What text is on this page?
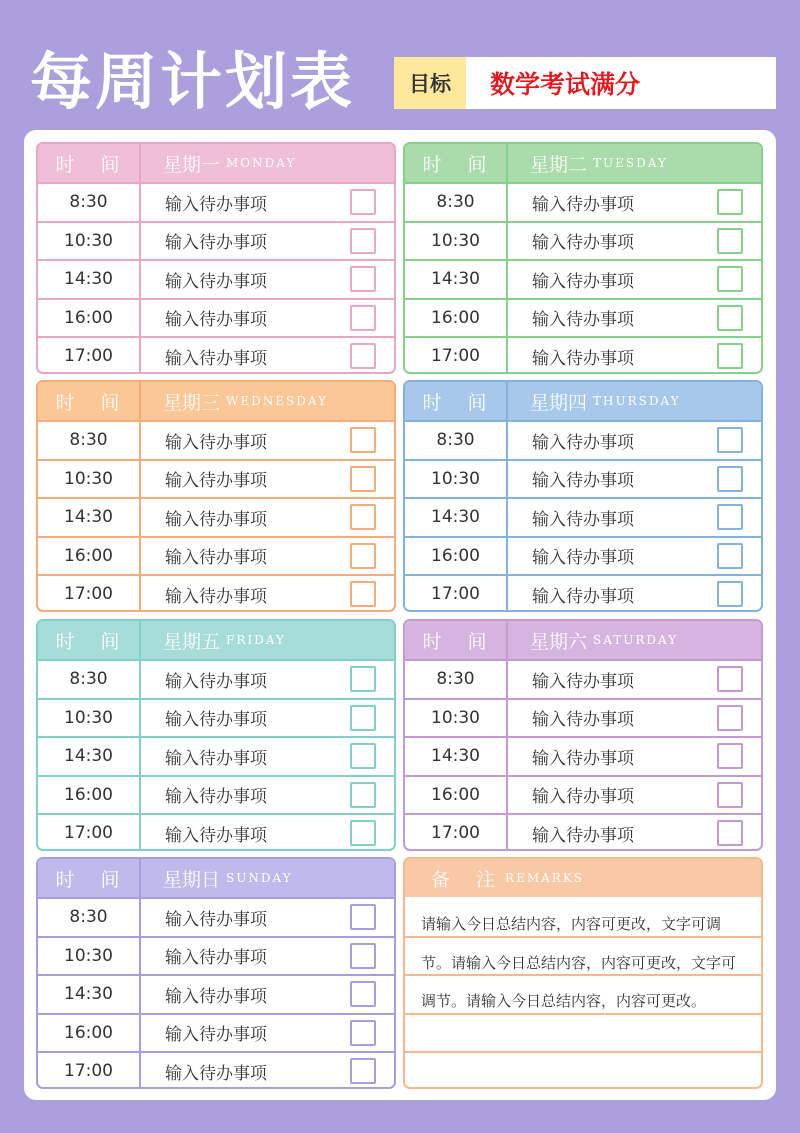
每周计划表	目标	数学考试满分
时 间	星期一 MONDAY
8:30	输入待办事项
10:30	输入待办事项
14:30	输入待办事项
16:00	输入待办事项
17:00	输入待办事项
时 间	星期二 TUESDAY
8:30	输入待办事项
10:30	输入待办事项
14:30	输入待办事项
16:00	输入待办事项
17:00	输入待办事项
时 间	星期三 WEDNESDAY
8:30	输入待办事项
10:30	输入待办事项
14:30	输入待办事项
16:00	输入待办事项
17:00	输入待办事项
时 间	星期四 THURSDAY
8:30	输入待办事项
10:30	输入待办事项
14:30	输入待办事项
16:00	输入待办事项
17:00	输入待办事项
时 间	星期五 FRIDAY
8:30	输入待办事项
10:30	输入待办事项
14:30	输入待办事项
16:00	输入待办事项
17:00	输入待办事项
时 间	星期六 SATURDAY
8:30	输入待办事项
10:30	输入待办事项
14:30	输入待办事项
16:00	输入待办事项
17:00	输入待办事项
时 间	星期日 SUNDAY
8:30	输入待办事项
10:30	输入待办事项
14:30	输入待办事项
16:00	输入待办事项
17:00	输入待办事项
备 注 REMARKS
请输入今日总结内容，内容可更改，文字可调节。请输入今日总结内容，内容可更改，文字可调节。请输入今日总结内容，内容可更改。
